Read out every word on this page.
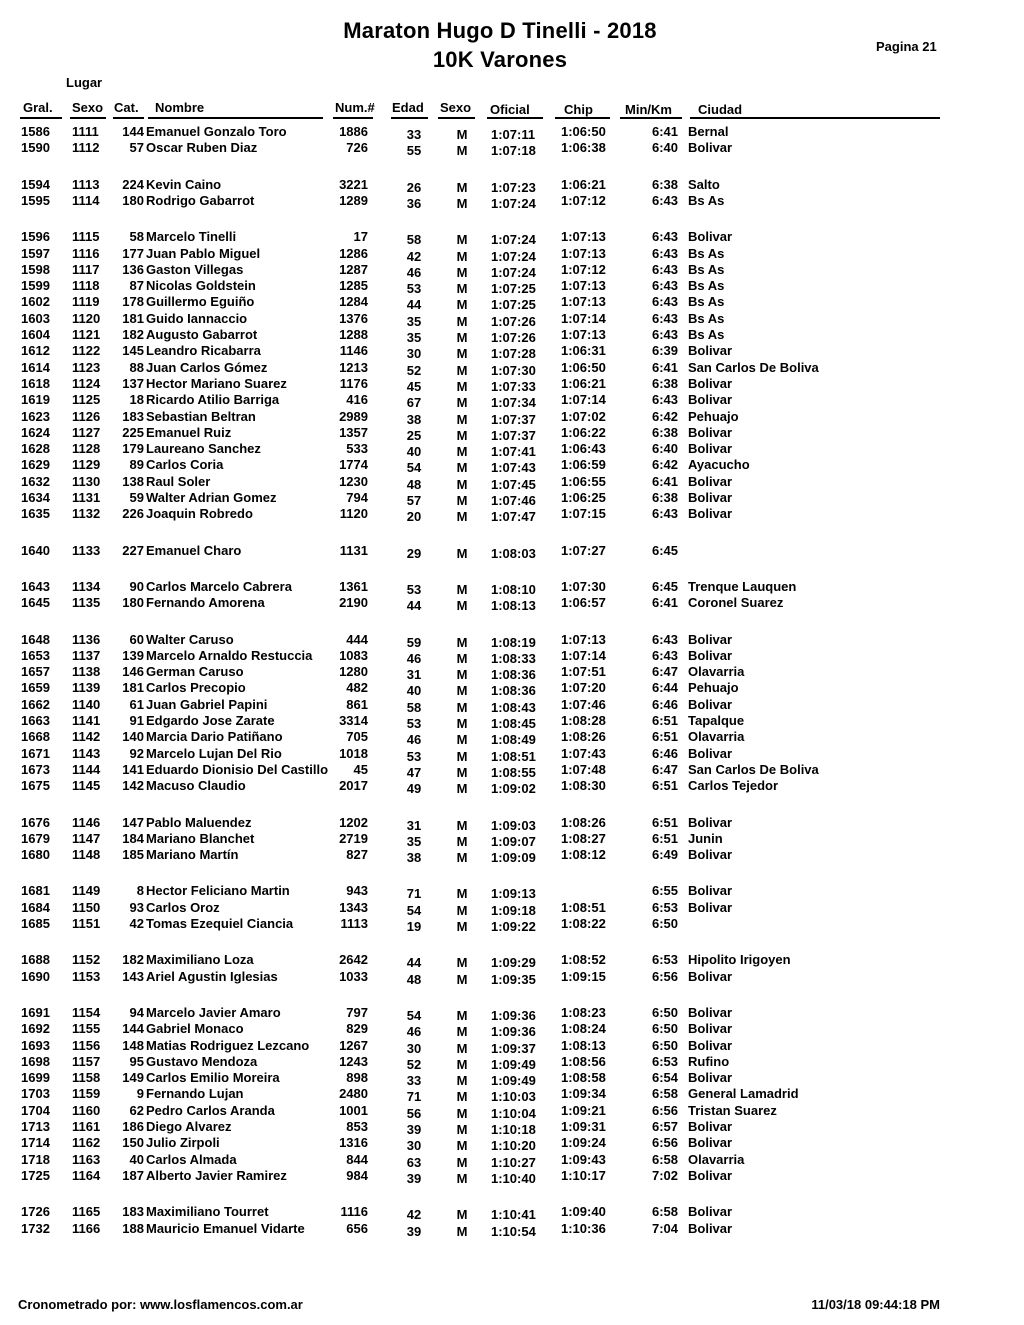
Maraton Hugo D Tinelli - 2018
10K Varones
Pagina 21
Lugar
Gral. Sexo Cat. Nombre	Num.# Edad Sexo Oficial	Chip Min/Km Ciudad
1586 1111 144 Emanuel Gonzalo Toro	1886	33	M	1:07:11 1:06:50	6:41 Bernal
1590 1112 57 Oscar Ruben Diaz	726	55	M	1:07:18 1:06:38	6:40 Bolivar
1594 1113 224 Kevin Caino	3221	26	M	1:07:23 1:06:21	6:38 Salto
1595 1114 180 Rodrigo Gabarrot	1289	36	M	1:07:24 1:07:12	6:43 Bs As
1596 1115 58 Marcelo Tinelli	17	58	M	1:07:24 1:07:13	6:43 Bolivar
1597 1116 177 Juan Pablo Miguel	1286	42	M	1:07:24 1:07:13	6:43 Bs As
1598 1117 136 Gaston Villegas	1287	46	M	1:07:24 1:07:12	6:43 Bs As
1599 1118 87 Nicolas Goldstein	1285	53	M	1:07:25 1:07:13	6:43 Bs As
1602 1119 178 Guillermo Eguiño	1284	44	M	1:07:25 1:07:13	6:43 Bs As
1603 1120 181 Guido Iannaccio	1376	35	M	1:07:26 1:07:14	6:43 Bs As
1604 1121 182 Augusto Gabarrot	1288	35	M	1:07:26 1:07:13	6:43 Bs As
1612 1122 145 Leandro Ricabarra	1146	30	M	1:07:28 1:06:31	6:39 Bolivar
1614 1123 88 Juan Carlos Gómez	1213	52	M	1:07:30 1:06:50	6:41 San Carlos De Boliva
1618 1124 137 Hector Mariano Suarez	1176	45	M	1:07:33 1:06:21	6:38 Bolivar
1619 1125 18 Ricardo Atilio Barriga	416	67	M	1:07:34 1:07:14	6:43 Bolivar
1623 1126 183 Sebastian Beltran	2989	38	M	1:07:37 1:07:02	6:42 Pehuajo
1624 1127 225 Emanuel Ruiz	1357	25	M	1:07:37 1:06:22	6:38 Bolivar
1628 1128 179 Laureano Sanchez	533	40	M	1:07:41 1:06:43	6:40 Bolivar
1629 1129 89 Carlos Coria	1774	54	M	1:07:43 1:06:59	6:42 Ayacucho
1632 1130 138 Raul Soler	1230	48	M	1:07:45 1:06:55	6:41 Bolivar
1634 1131 59 Walter Adrian Gomez	794	57	M	1:07:46 1:06:25	6:38 Bolivar
1635 1132 226 Joaquin Robredo	1120	20	M	1:07:47 1:07:15	6:43 Bolivar
1640 1133 227 Emanuel Charo	1131	29	M	1:08:03 1:07:27	6:45
1643 1134 90 Carlos Marcelo Cabrera	1361	53	M	1:08:10 1:07:30	6:45 Trenque Lauquen
1645 1135 180 Fernando Amorena	2190	44	M	1:08:13 1:06:57	6:41 Coronel Suarez
1648 1136 60 Walter Caruso	444	59	M	1:08:19 1:07:13	6:43 Bolivar
1653 1137 139 Marcelo Arnaldo Restuccia 1083	46	M	1:08:33 1:07:14	6:43 Bolivar
1657 1138 146 German Caruso	1280	31	M	1:08:36 1:07:51	6:47 Olavarria
1659 1139 181 Carlos Precopio	482	40	M	1:08:36 1:07:20	6:44 Pehuajo
1662 1140 61 Juan Gabriel Papini	861	58	M	1:08:43 1:07:46	6:46 Bolivar
1663 1141 91 Edgardo Jose Zarate	3314	53	M	1:08:45 1:08:28	6:51 Tapalque
1668 1142 140 Marcia Dario Patiñano	705	46	M	1:08:49 1:08:26	6:51 Olavarria
1671 1143 92 Marcelo Lujan Del Rio	1018	53	M	1:08:51 1:07:43	6:46 Bolivar
1673 1144 141 Eduardo Dionisio Del Castillo 45	47	M	1:08:55 1:07:48	6:47 San Carlos De Boliva
1675 1145 142 Macuso Claudio	2017	49	M	1:09:02 1:08:30	6:51 Carlos Tejedor
1676 1146 147 Pablo Maluendez	1202	31	M	1:09:03 1:08:26	6:51 Bolivar
1679 1147 184 Mariano Blanchet	2719	35	M	1:09:07 1:08:27	6:51 Junin
1680 1148 185 Mariano Martín	827	38	M	1:09:09 1:08:12	6:49 Bolivar
1681 1149	8 Hector Feliciano Martin	943	71	M	1:09:13	6:55 Bolivar
1684 1150 93 Carlos Oroz	1343	54	M	1:09:18 1:08:51	6:53 Bolivar
1685 1151 42 Tomas Ezequiel Ciancia	1113	19	M	1:09:22 1:08:22	6:50
1688 1152 182 Maximiliano Loza	2642	44	M	1:09:29 1:08:52	6:53 Hipolito Irigoyen
1690 1153 143 Ariel Agustin Iglesias	1033	48	M	1:09:35 1:09:15	6:56 Bolivar
1691 1154 94 Marcelo Javier Amaro	797	54	M	1:09:36 1:08:23	6:50 Bolivar
1692 1155 144 Gabriel Monaco	829	46	M	1:09:36 1:08:24	6:50 Bolivar
1693 1156 148 Matias Rodriguez Lezcano 1267	30	M	1:09:37 1:08:13	6:50 Bolivar
1698 1157 95 Gustavo Mendoza	1243	52	M	1:09:49 1:08:56	6:53 Rufino
1699 1158 149 Carlos Emilio Moreira	898	33	M	1:09:49 1:08:58	6:54 Bolivar
1703 1159	9 Fernando Lujan	2480	71	M	1:10:03 1:09:34	6:58 General Lamadrid
1704 1160 62 Pedro Carlos Aranda	1001	56	M	1:10:04 1:09:21	6:56 Tristan Suarez
1713 1161 186 Diego Alvarez	853	39	M	1:10:18 1:09:31	6:57 Bolivar
1714 1162 150 Julio Zirpoli	1316	30	M	1:10:20 1:09:24	6:56 Bolivar
1718 1163 40 Carlos Almada	844	63	M	1:10:27 1:09:43	6:58 Olavarria
1725 1164 187 Alberto Javier Ramirez	984	39	M	1:10:40 1:10:17	7:02 Bolivar
1726 1165 183 Maximiliano Tourret	1116	42	M	1:10:41 1:09:40	6:58 Bolivar
1732 1166 188 Mauricio Emanuel Vidarte	656	39	M	1:10:54 1:10:36	7:04 Bolivar
Cronometrado por: www.losflamencos.com.ar	11/03/18 09:44:18 PM
